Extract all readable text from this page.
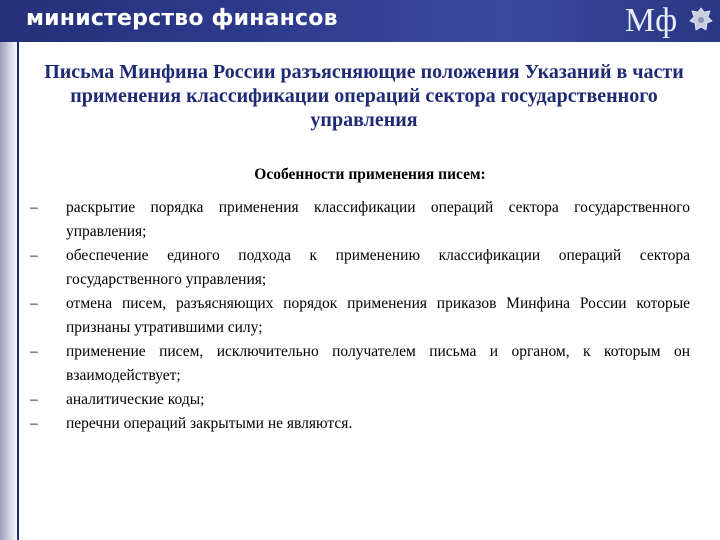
министерство финансов	Мф
Письма Минфина России разъясняющие положения Указаний в части применения классификации операций сектора государственного управления
Особенности применения писем:
–	раскрытие порядка применения классификации операций сектора государственного управления;
–	обеспечение единого подхода к применению классификации операций сектора государственного управления;
–	отмена писем, разъясняющих порядок применения приказов Минфина России которые признаны утратившими силу;
–	применение писем, исключительно получателем письма и органом, к которым он взаимодействует;
–	аналитические коды;
–	перечни операций закрытыми не являются.
